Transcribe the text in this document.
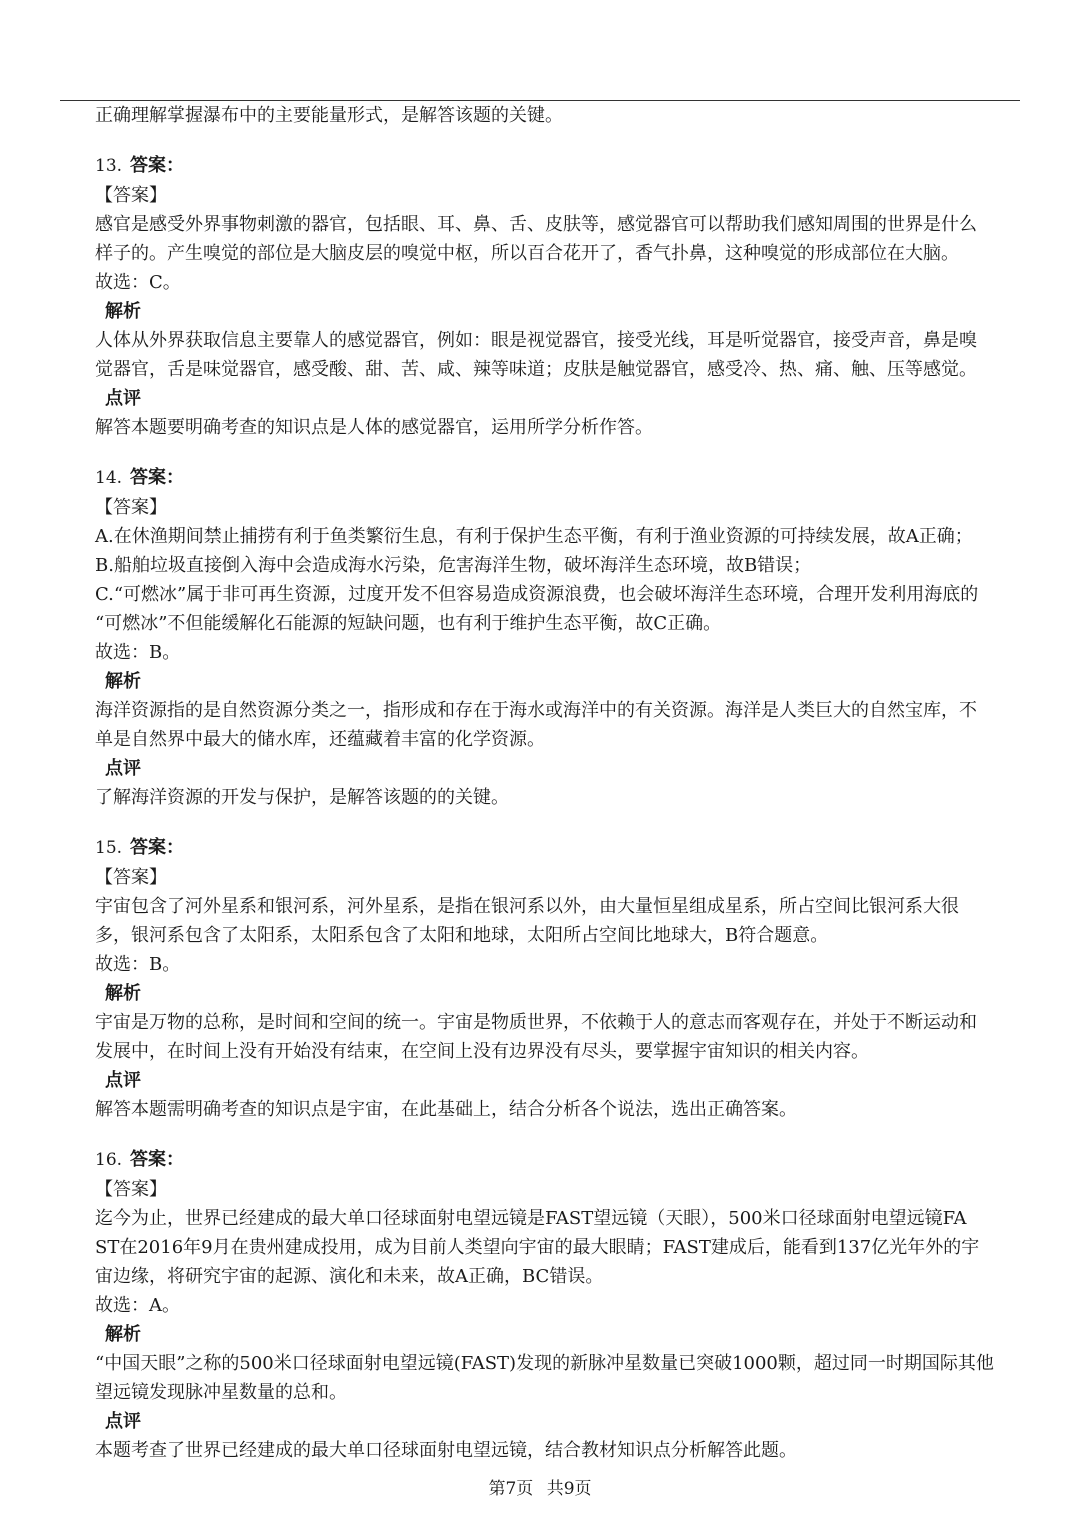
正确理解掌握瀑布中的主要能量形式，是解答该题的关键。

13. 答案：
【答案】
感官是感受外界事物刺激的器官，包括眼、耳、鼻、舌、皮肤等，感觉器官可以帮助我们感知周围的世界是什么
样子的。产生嗅觉的部位是大脑皮层的嗅觉中枢，所以百合花开了，香气扑鼻，这种嗅觉的形成部位在大脑。
故选：C。
解析
人体从外界获取信息主要靠人的感觉器官，例如：眼是视觉器官，接受光线，耳是听觉器官，接受声音，鼻是嗅
觉器官，舌是味觉器官，感受酸、甜、苦、咸、辣等味道；皮肤是触觉器官，感受冷、热、痛、触、压等感觉。
点评
解答本题要明确考查的知识点是人体的感觉器官，运用所学分析作答。
14. 答案：
【答案】
A.在休渔期间禁止捕捞有利于鱼类繁衍生息，有利于保护生态平衡，有利于渔业资源的可持续发展，故A正确；
B.船舶垃圾直接倒入海中会造成海水污染，危害海洋生物，破坏海洋生态环境，故B错误；
C.“可燃冰”属于非可再生资源，过度开发不但容易造成资源浪费，也会破坏海洋生态环境，合理开发利用海底的
“可燃冰”不但能缓解化石能源的短缺问题，也有利于维护生态平衡，故C正确。
故选：B。
解析
海洋资源指的是自然资源分类之一，指形成和存在于海水或海洋中的有关资源。海洋是人类巨大的自然宝库，不
单是自然界中最大的储水库，还蕴藏着丰富的化学资源。
点评
了解海洋资源的开发与保护，是解答该题的的关键。
15. 答案：
【答案】
宇宙包含了河外星系和银河系，河外星系，是指在银河系以外，由大量恒星组成星系，所占空间比银河系大很
多，银河系包含了太阳系，太阳系包含了太阳和地球，太阳所占空间比地球大，B符合题意。
故选：B。
解析
宇宙是万物的总称，是时间和空间的统一。宇宙是物质世界，不依赖于人的意志而客观存在，并处于不断运动和
发展中，在时间上没有开始没有结束，在空间上没有边界没有尽头，要掌握宇宙知识的相关内容。
点评
解答本题需明确考查的知识点是宇宙，在此基础上，结合分析各个说法，选出正确答案。
16. 答案：
【答案】
迄今为止，世界已经建成的最大单口径球面射电望远镜是FAST望远镜（天眼），500米口径球面射电望远镜FA
ST在2016年9月在贵州建成投用，成为目前人类望向宇宙的最大眼睛；FAST建成后，能看到137亿光年外的宇
宙边缘，将研究宇宙的起源、演化和未来，故A正确，BC错误。
故选：A。
解析
“中国天眼”之称的500米口径球面射电望远镜(FAST)发现的新脉冲星数量已突破1000颗，超过同一时期国际其他
望远镜发现脉冲星数量的总和。
点评
本题考查了世界已经建成的最大单口径球面射电望远镜，结合教材知识点分析解答此题。
第7页 共9页
